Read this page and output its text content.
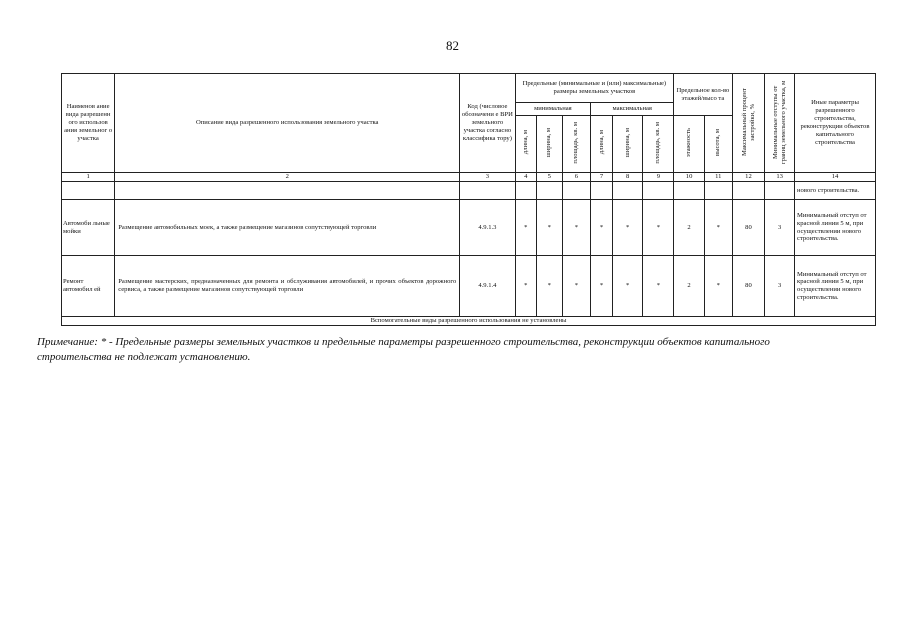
82
Наименов ание вида разрешенн ого использов ания земельног о участка	Описание вида разрешенного использования земельного участка	Код (числовое обозначени е ВРИ земельного участка согласно классифика тору)	Предельные (минимальные и (или) максимальные) размеры земельных участков						Предельное кол-во этажей/высо та		Максимальный процент застройки, %	Минимальные отступы от границ земельного участка, м	Иные параметры разрешенного строительства, реконструкции объектов капитального строительства
			минимальная			максимальная							
			длина, м	ширина, м	площадь, кв. м	длина, м	ширина, м	площадь, кв. м	этажность	высота, м			
1	2	3	4	5	6	7	8	9	10	11	12	13	14
													нового строительства.
Автомоби льные мойки	Размещение автомобильных моек, а также размещение магазинов сопутствующей торговли	4.9.1.3	*	*	*	*	*	*	2	*	80	3	Минимальный отступ от красной линии 5 м, при осуществлении нового строительства.
Ремонт автомобил ей	Размещение мастерских, предназначенных для ремонта и обслуживания автомобилей, и прочих объектов дорожного сервиса, а также размещение магазинов сопутствующей торговли	4.9.1.4	*	*	*	*	*	*	2	*	80	3	Минимальный отступ от красной линии 5 м, при осуществлении нового строительства.
Вспомогательные виды разрешенного использования не установлены													
Примечание: * - Предельные размеры земельных участков и предельные параметры разрешенного строительства, реконструкции объектов капитального строительства не подлежат установлению.
